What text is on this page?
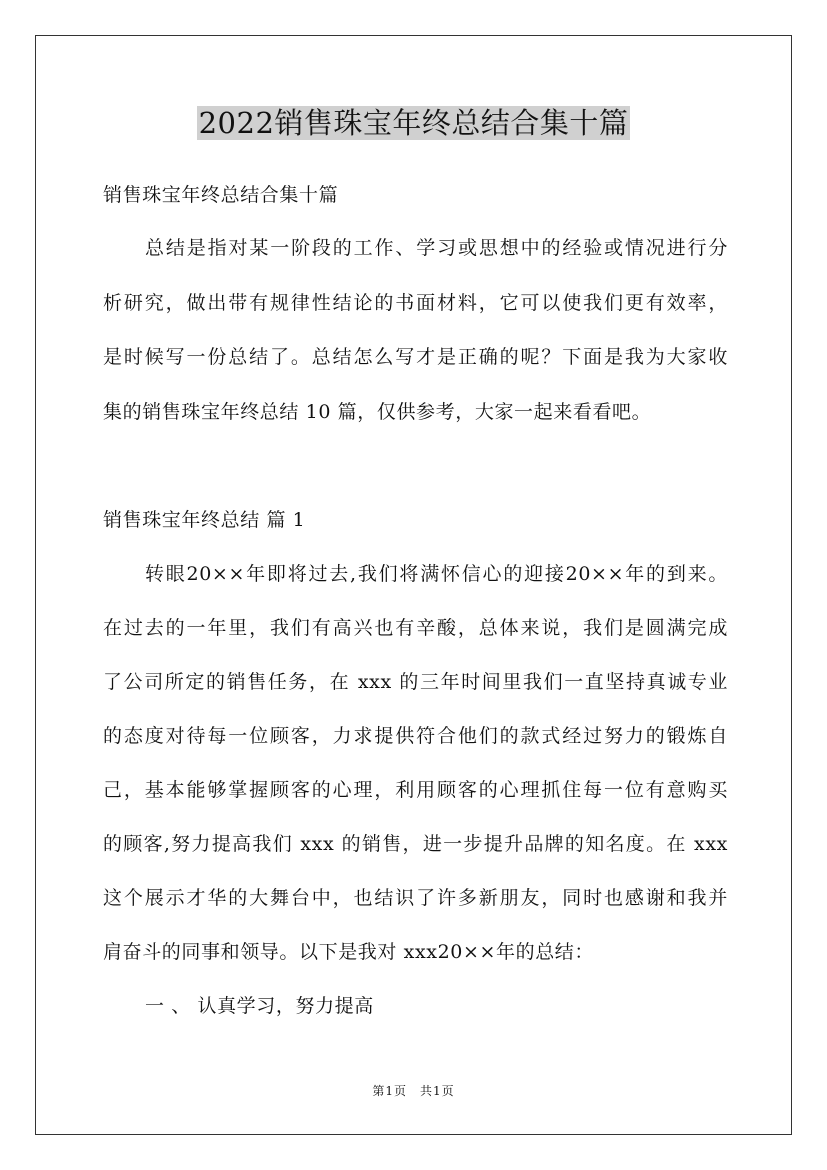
2022销售珠宝年终总结合集十篇
销售珠宝年终总结合集十篇
总结是指对某一阶段的工作、学习或思想中的经验或情况进行分
析研究，做出带有规律性结论的书面材料，它可以使我们更有效率，
是时候写一份总结了。总结怎么写才是正确的呢？下面是我为大家收
集的销售珠宝年终总结 10 篇，仅供参考，大家一起来看看吧。
销售珠宝年终总结 篇 1
转眼20××年即将过去,我们将满怀信心的迎接20××年的到来。
在过去的一年里，我们有高兴也有辛酸，总体来说，我们是圆满完成
了公司所定的销售任务，在 xxx 的三年时间里我们一直坚持真诚专业
的态度对待每一位顾客，力求提供符合他们的款式经过努力的锻炼自
己，基本能够掌握顾客的心理，利用顾客的心理抓住每一位有意购买
的顾客,努力提高我们 xxx 的销售，进一步提升品牌的知名度。在 xxx
这个展示才华的大舞台中，也结识了许多新朋友，同时也感谢和我并
肩奋斗的同事和领导。以下是我对 xxx20××年的总结：
一 、 认真学习，努力提高
第1页　共1页
